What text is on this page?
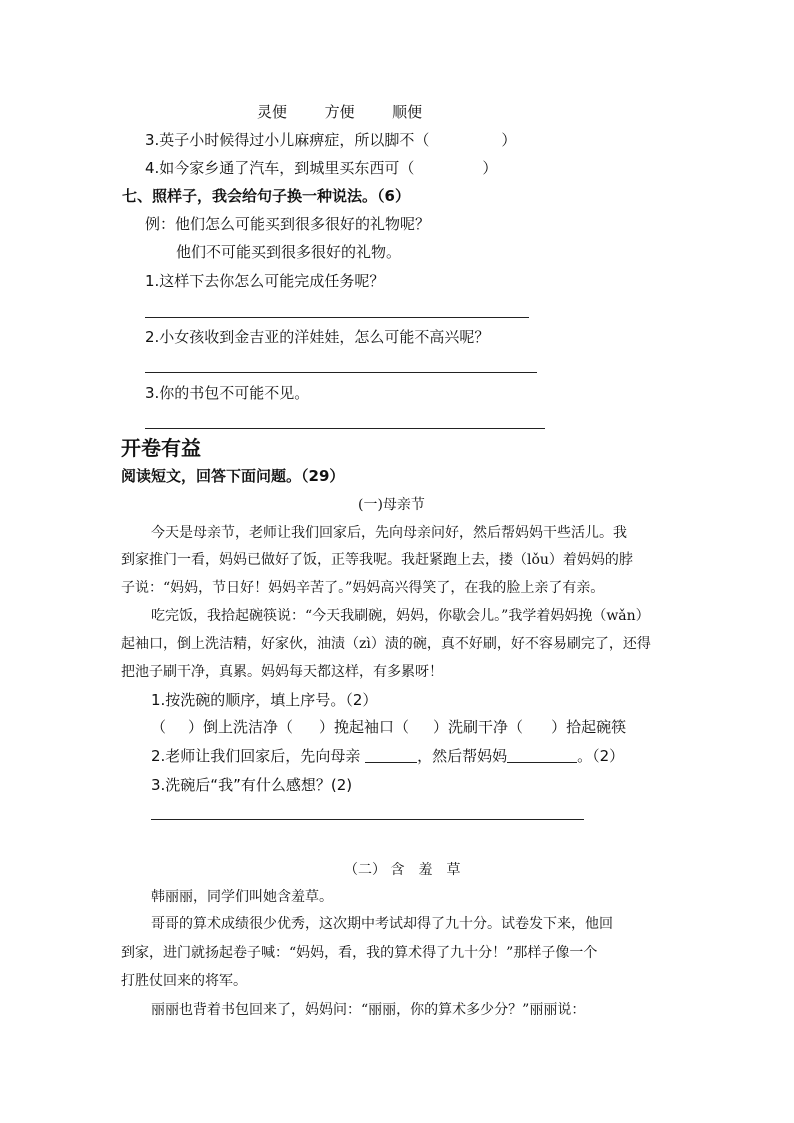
灵便	方便	顺便
3.英子小时候得过小儿麻痹症，所以脚不（	）
4.如今家乡通了汽车，到城里买东西可（	）
七、照样子，我会给句子换一种说法。（6）
例：他们怎么可能买到很多很好的礼物呢？
他们不可能买到很多很好的礼物。
1.这样下去你怎么可能完成任务呢？
2.小女孩收到金吉亚的洋娃娃，怎么可能不高兴呢？
3.你的书包不可能不见。
开卷有益
阅读短文，回答下面问题。（29）
(一)母亲节
今天是母亲节，老师让我们回家后，先向母亲问好，然后帮妈妈干些活儿。我
到家推门一看，妈妈已做好了饭，正等我呢。我赶紧跑上去，搂（lǒu）着妈妈的脖
子说：“妈妈，节日好！妈妈辛苦了。”妈妈高兴得笑了，在我的脸上亲了有亲。
吃完饭，我拾起碗筷说：“今天我刷碗，妈妈，你歇会儿。”我学着妈妈挽（wǎn）
起袖口，倒上洗洁精，好家伙，油渍（zì）渍的碗，真不好刷，好不容易刷完了，还得
把池子刷干净，真累。妈妈每天都这样，有多累呀！
1.按洗碗的顺序，填上序号。（2）
（ ）倒上洗洁净（ ）挽起袖口（ ）洗刷干净（ ）拾起碗筷
2.老师让我们回家后，先向母亲	，然后帮妈妈	。（2）
3.洗碗后“我”有什么感想？(2)
（二） 含　羞　草
韩丽丽，同学们叫她含羞草。
哥哥的算术成绩很少优秀，这次期中考试却得了九十分。试卷发下来，他回
到家，进门就扬起卷子喊：“妈妈，看，我的算术得了九十分！”那样子像一个
打胜仗回来的将军。
丽丽也背着书包回来了，妈妈问：“丽丽，你的算术多少分？”丽丽说：
